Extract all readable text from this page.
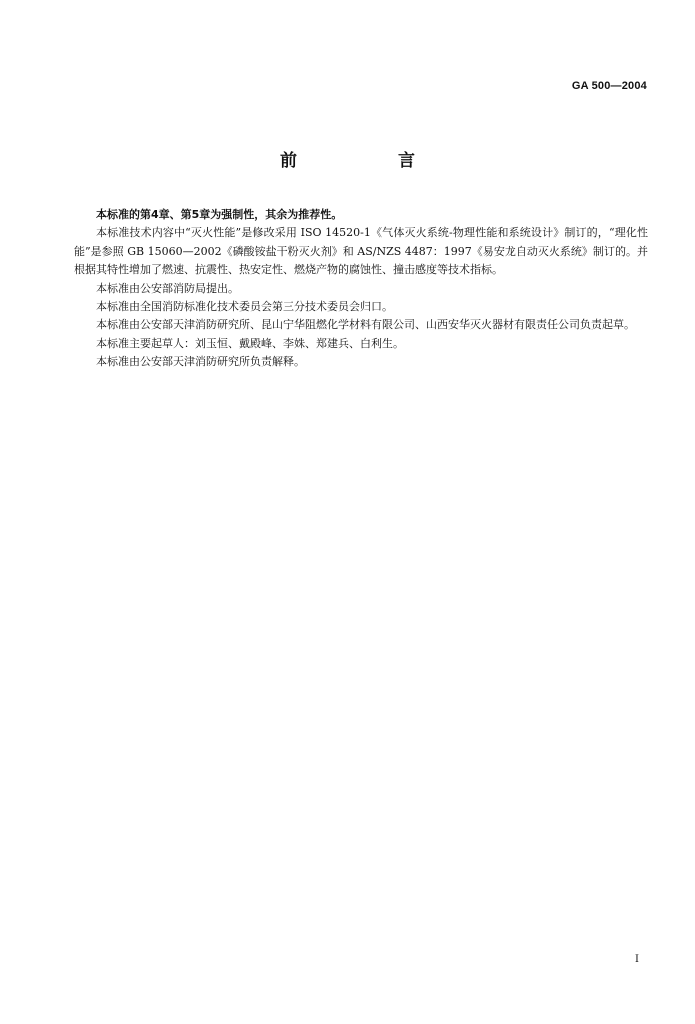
GA 500—2004
前　言

本标准的第4章、第5章为强制性，其余为推荐性。

本标准技术内容中“灭火性能”是修改采用 ISO 14520-1《气体灭火系统-物理性能和系统设计》制订的，“理化性能”是参照 GB 15060—2002《磷酸铵盐干粉灭火剂》和 AS/NZS 4487：1997《易安龙自动灭火系统》制订的。并根据其特性增加了燃速、抗震性、热安定性、燃烧产物的腐蚀性、撞击感度等技术指标。

本标准由公安部消防局提出。

本标准由全国消防标准化技术委员会第三分技术委员会归口。

本标准由公安部天津消防研究所、昆山宁华阻燃化学材料有限公司、山西安华灭火器材有限责任公司负责起草。

本标准主要起草人：刘玉恒、戴殿峰、李姝、郑建兵、白利生。

本标准由公安部天津消防研究所负责解释。

I
